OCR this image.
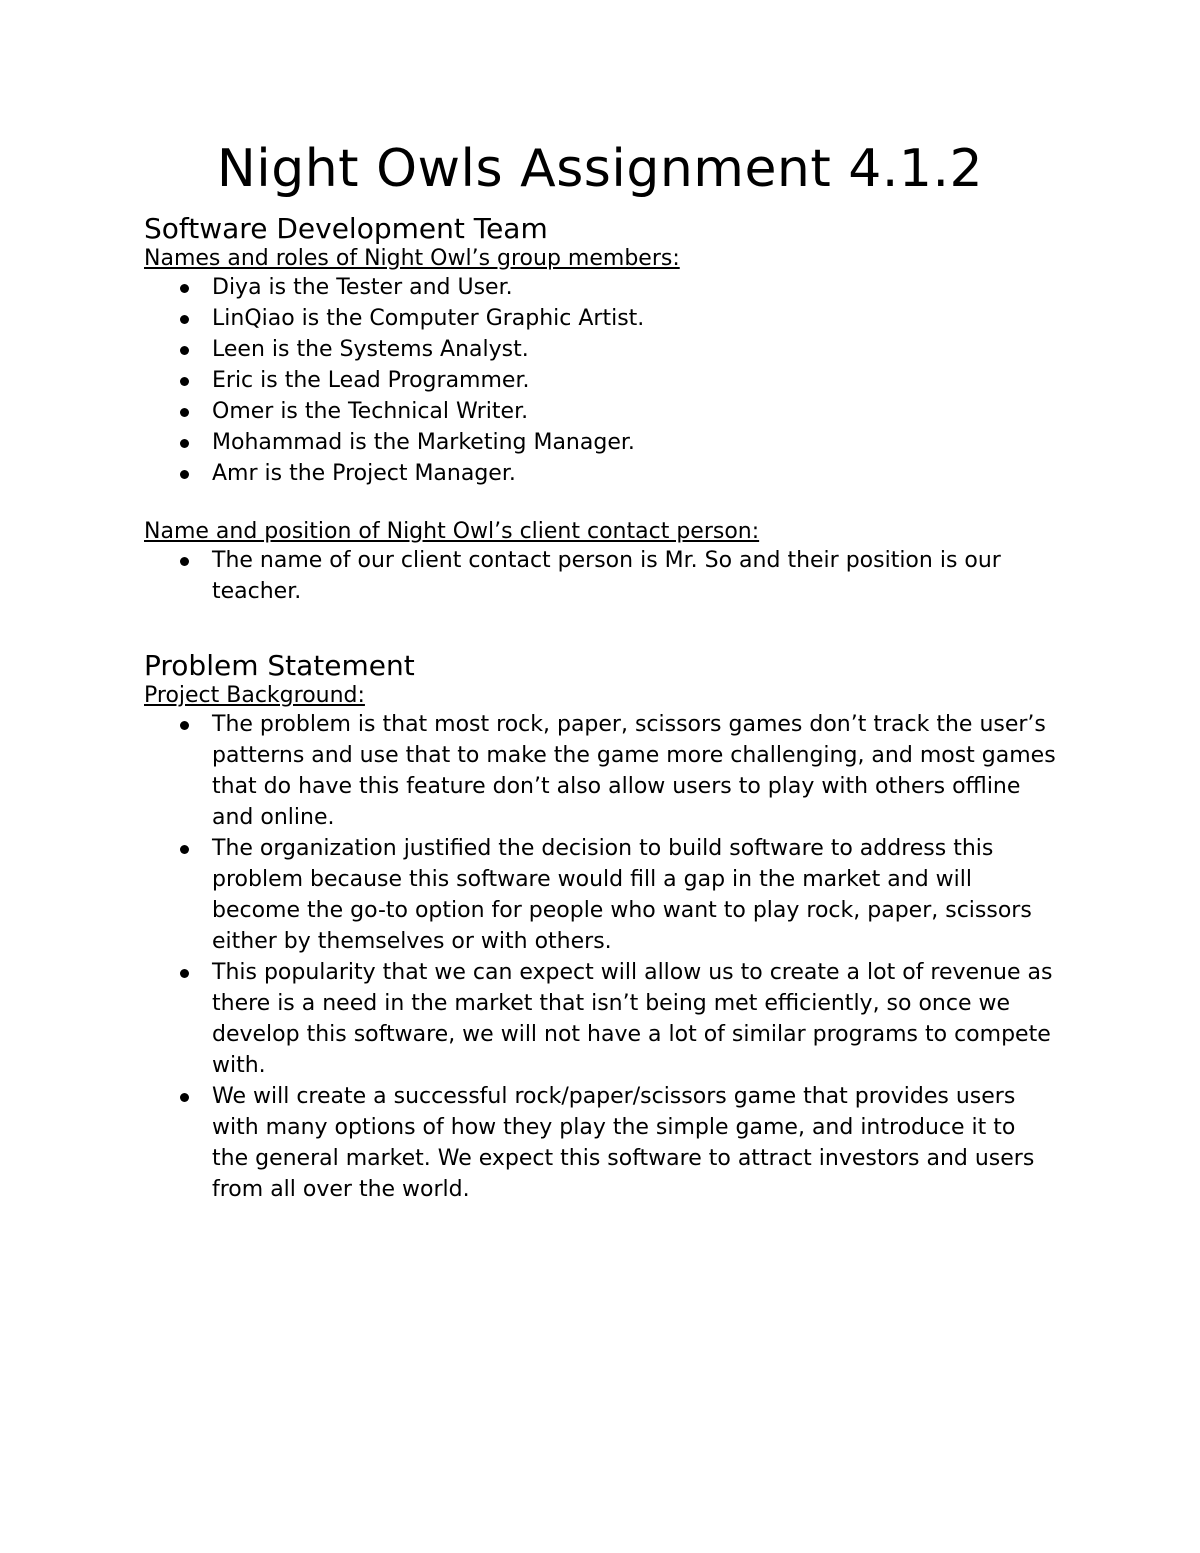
Night Owls Assignment 4.1.2
Software Development Team

Names and roles of Night Owl’s group members:

Diya is the Tester and User.
LinQiao is the Computer Graphic Artist.
Leen is the Systems Analyst.
Eric is the Lead Programmer.
Omer is the Technical Writer.
Mohammad is the Marketing Manager.
Amr is the Project Manager.

Name and position of Night Owl’s client contact person:

The name of our client contact person is Mr. So and their position is our teacher.
Problem Statement

Project Background:

The problem is that most rock, paper, scissors games don’t track the user’s patterns and use that to make the game more challenging, and most games that do have this feature don’t also allow users to play with others offline and online.
The organization justified the decision to build software to address this problem because this software would fill a gap in the market and will become the go-to option for people who want to play rock, paper, scissors either by themselves or with others.
This popularity that we can expect will allow us to create a lot of revenue as there is a need in the market that isn’t being met efficiently, so once we develop this software, we will not have a lot of similar programs to compete with.
We will create a successful rock/paper/scissors game that provides users with many options of how they play the simple game, and introduce it to the general market. We expect this software to attract investors and users from all over the world.
